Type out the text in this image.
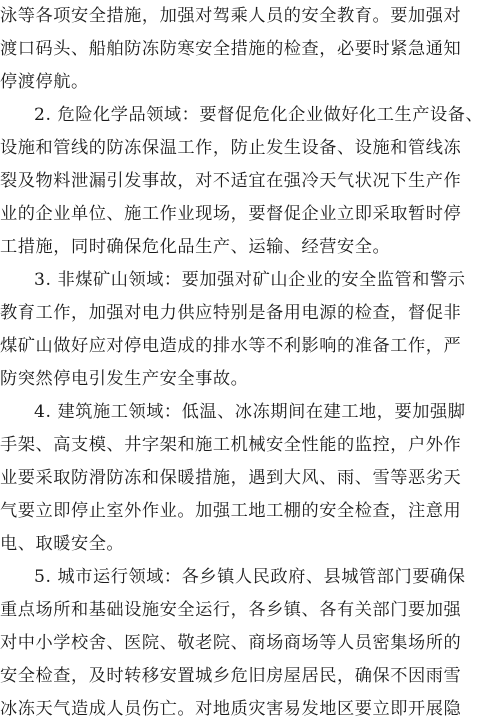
泳等各项安全措施，加强对驾乘人员的安全教育。要加强对
渡口码头、船舶防冻防寒安全措施的检查，必要时紧急通知
停渡停航。
2. 危险化学品领域：要督促危化企业做好化工生产设备、
设施和管线的防冻保温工作，防止发生设备、设施和管线冻
裂及物料泄漏引发事故，对不适宜在强冷天气状况下生产作
业的企业单位、施工作业现场，要督促企业立即采取暂时停
工措施，同时确保危化品生产、运输、经营安全。
3. 非煤矿山领域：要加强对矿山企业的安全监管和警示
教育工作，加强对电力供应特别是备用电源的检查，督促非
煤矿山做好应对停电造成的排水等不利影响的准备工作，严
防突然停电引发生产安全事故。
4. 建筑施工领域：低温、冰冻期间在建工地，要加强脚
手架、高支模、井字架和施工机械安全性能的监控，户外作
业要采取防滑防冻和保暖措施，遇到大风、雨、雪等恶劣天
气要立即停止室外作业。加强工地工棚的安全检查，注意用
电、取暖安全。
5. 城市运行领域：各乡镇人民政府、县城管部门要确保
重点场所和基础设施安全运行，各乡镇、各有关部门要加强
对中小学校舍、医院、敬老院、商场商场等人员密集场所的
安全检查，及时转移安置城乡危旧房屋居民，确保不因雨雪
冰冻天气造成人员伤亡。对地质灾害易发地区要立即开展隐
